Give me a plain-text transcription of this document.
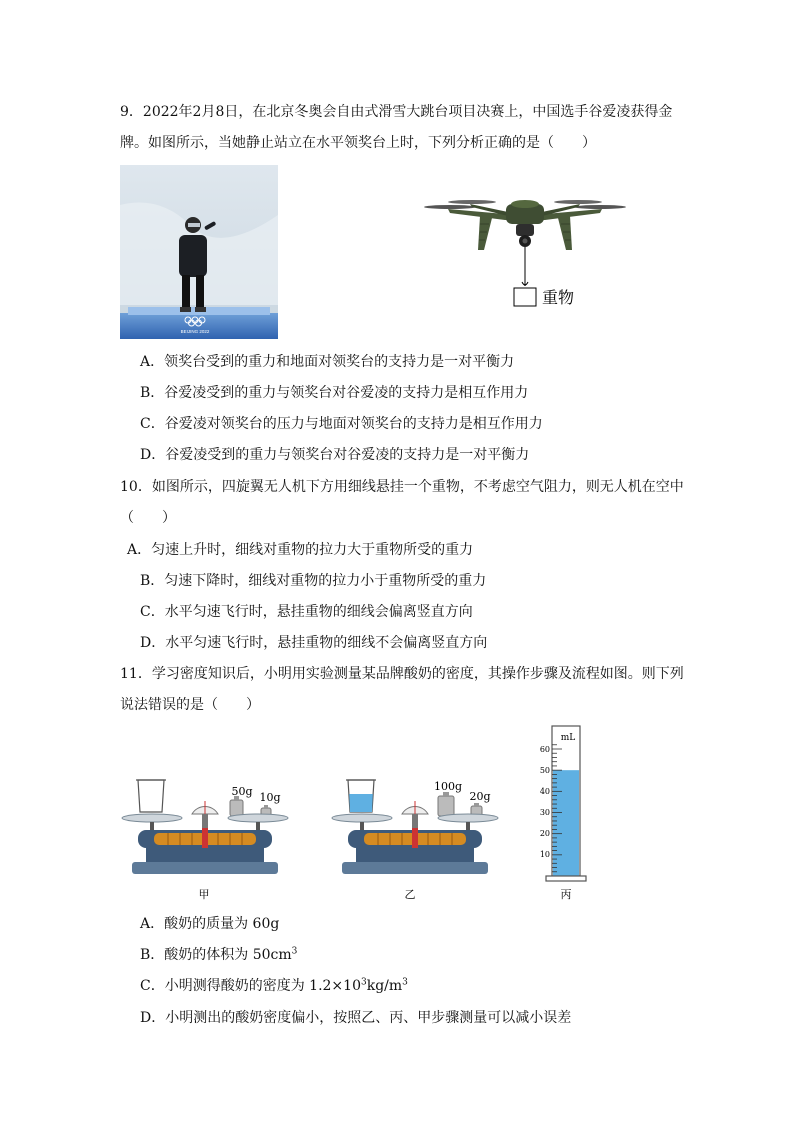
9．2022年2月8日，在北京冬奥会自由式滑雪大跳台项目决赛上，中国选手谷爱凌获得金
牌。如图所示，当她静止站立在水平领奖台上时，下列分析正确的是（　　）
BEIJING 2022
重物
A．领奖台受到的重力和地面对领奖台的支持力是一对平衡力
B．谷爱凌受到的重力与领奖台对谷爱凌的支持力是相互作用力
C．谷爱凌对领奖台的压力与地面对领奖台的支持力是相互作用力
D．谷爱凌受到的重力与领奖台对谷爱凌的支持力是一对平衡力
10．如图所示，四旋翼无人机下方用细线悬挂一个重物，不考虑空气阻力，则无人机在空中
（　　）
A．匀速上升时，细线对重物的拉力大于重物所受的重力
B．匀速下降时，细线对重物的拉力小于重物所受的重力
C．水平匀速飞行时，悬挂重物的细线会偏离竖直方向
D．水平匀速飞行时，悬挂重物的细线不会偏离竖直方向
11．学习密度知识后，小明用实验测量某品牌酸奶的密度，其操作步骤及流程如图。则下列
说法错误的是（　　）
50g 10g
甲
100g
20g
乙
mL
60
50
40
30
20
10
丙
A．酸奶的质量为 60g
B．酸奶的体积为 $50cm^3$
C．小明测得酸奶的密度为 $1.2\times 10^3kg/m^3$
D．小明测出的酸奶密度偏小，按照乙、丙、甲步骤测量可以减小误差
